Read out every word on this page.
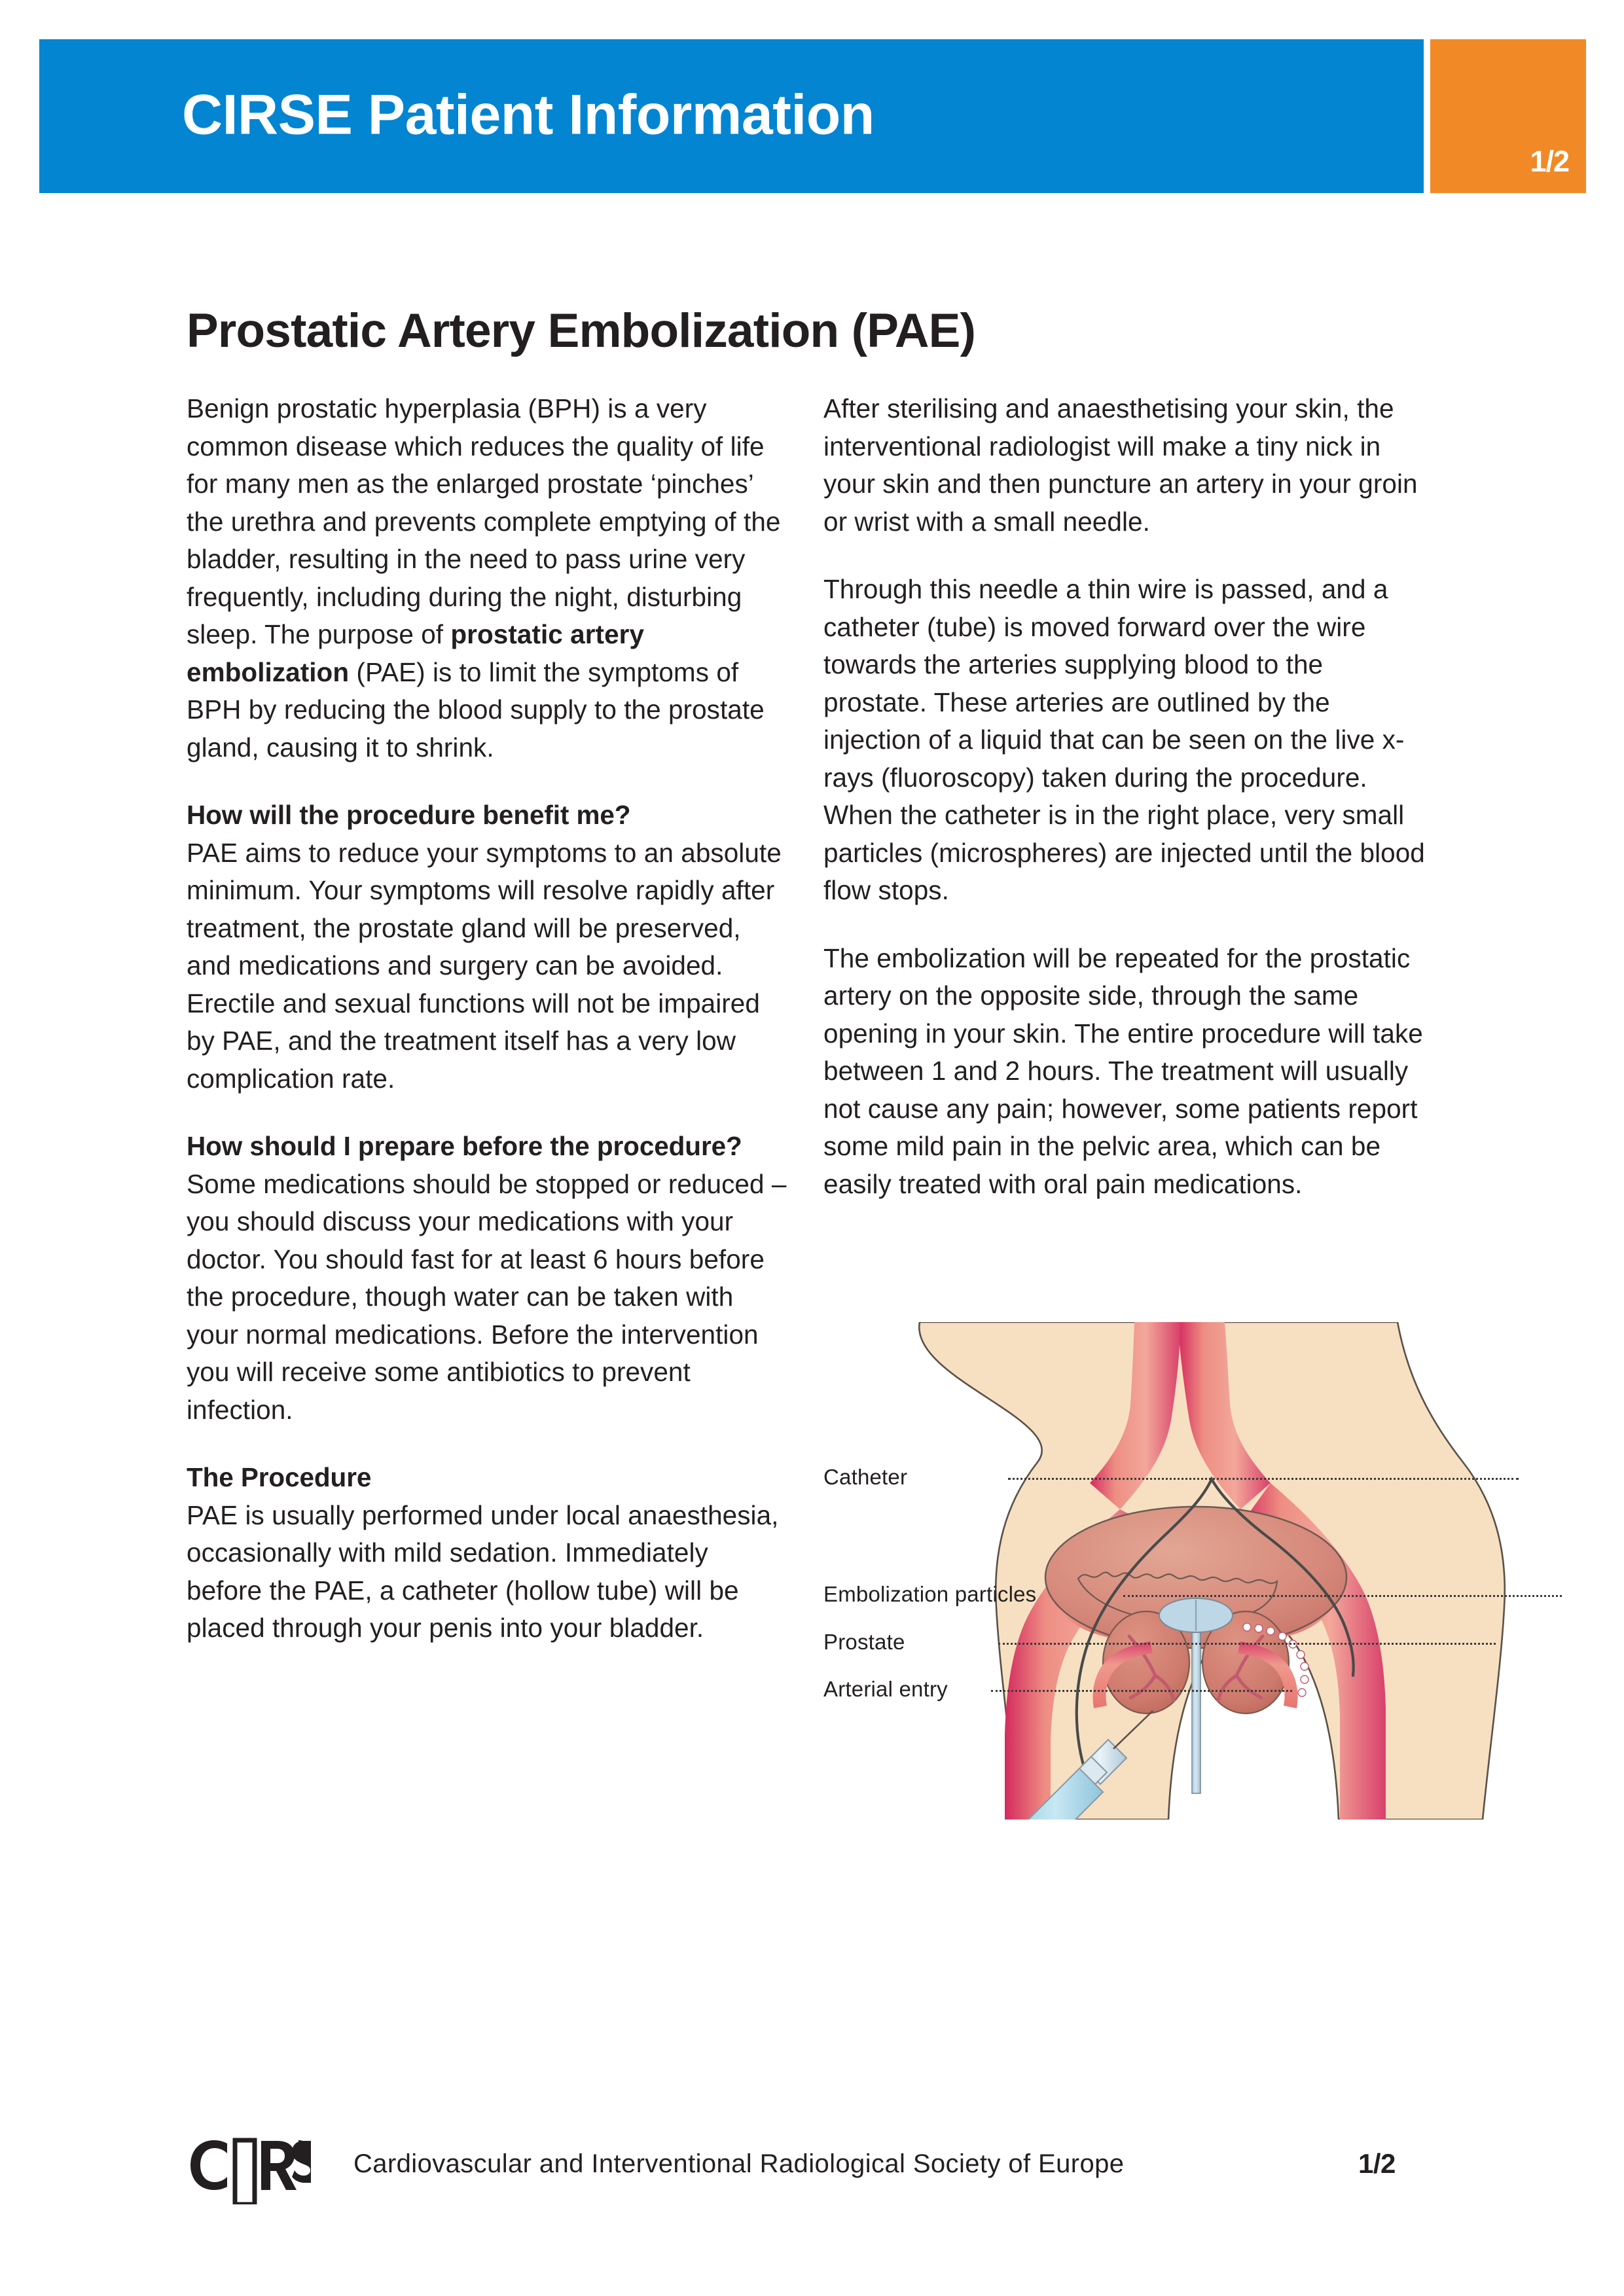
CIRSE Patient Information
1/2
Prostatic Artery Embolization (PAE)

Benign prostatic hyperplasia (BPH) is a very common disease which reduces the quality of life for many men as the enlarged prostate ‘pinches’ the urethra and prevents complete emptying of the bladder, resulting in the need to pass urine very frequently, including during the night, disturbing sleep. The purpose of prostatic artery embolization (PAE) is to limit the symptoms of BPH by reducing the blood supply to the prostate gland, causing it to shrink.

How will the procedure benefit me?

PAE aims to reduce your symptoms to an absolute minimum. Your symptoms will resolve rapidly after treatment, the prostate gland will be preserved, and medications and surgery can be avoided. Erectile and sexual functions will not be impaired by PAE, and the treatment itself has a very low complication rate.

How should I prepare before the procedure?

Some medications should be stopped or reduced – you should discuss your medications with your doctor. You should fast for at least 6 hours before the procedure, though water can be taken with your normal medications. Before the intervention you will receive some antibiotics to prevent infection.

The Procedure

PAE is usually performed under local anaesthesia, occasionally with mild sedation. Immediately before the PAE, a catheter (hollow tube) will be placed through your penis into your bladder.

After sterilising and anaesthetising your skin, the interventional radiologist will make a tiny nick in your skin and then puncture an artery in your groin or wrist with a small needle.

Through this needle a thin wire is passed, and a catheter (tube) is moved forward over the wire towards the arteries supplying blood to the prostate. These arteries are outlined by the injection of a liquid that can be seen on the live x-rays (fluoroscopy) taken during the procedure. When the catheter is in the right place, very small particles (microspheres) are injected until the blood flow stops.

The embolization will be repeated for the prostatic artery on the opposite side, through the same opening in your skin. The entire procedure will take between 1 and 2 hours. The treatment will usually not cause any pain; however, some patients report some mild pain in the pelvic area, which can be easily treated with oral pain medications.

Catheter
Embolization particles
Prostate
Arterial entry
Cardiovascular and Interventional Radiological Society of Europe	1/2
